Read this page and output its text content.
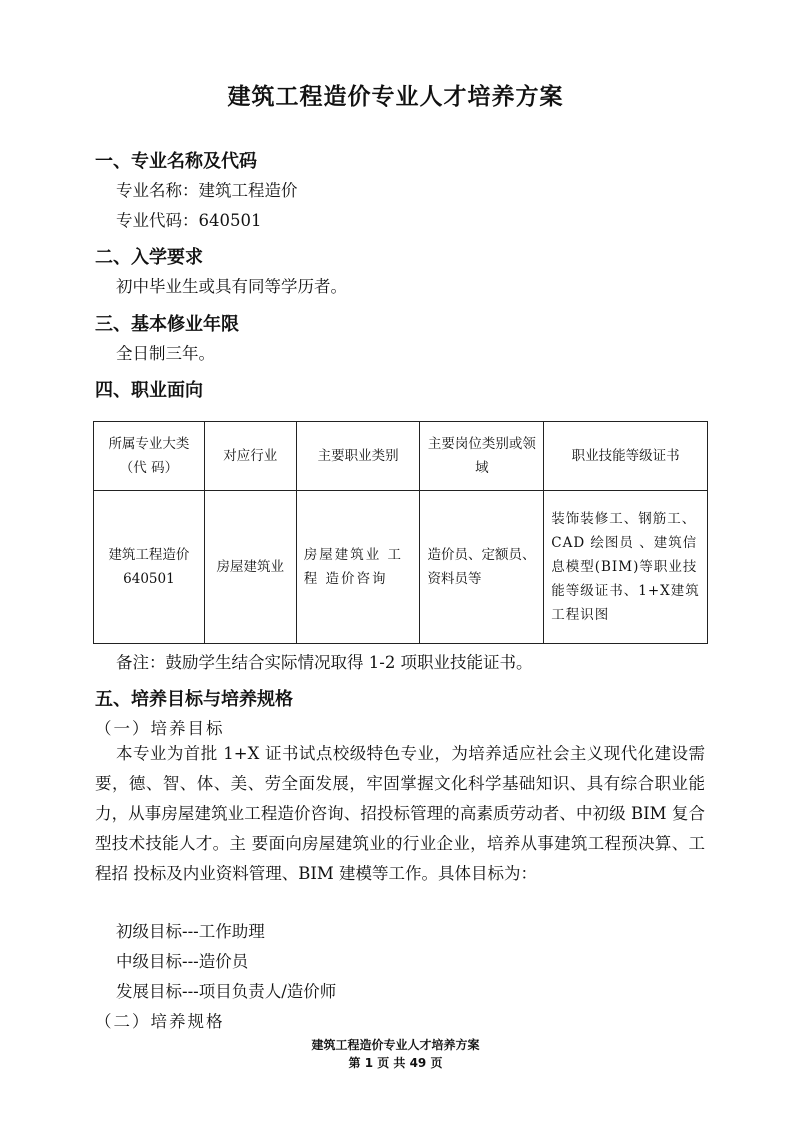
建筑工程造价专业人才培养方案
一、专业名称及代码
专业名称：建筑工程造价
专业代码：640501
二、入学要求
初中毕业生或具有同等学历者。
三、基本修业年限
全日制三年。
四、职业面向
所属专业大类（代 码）	对应行业	主要职业类别	主要岗位类别或领域	职业技能等级证书
建筑工程造价 640501	房屋建筑业	房屋建筑业 工程 造价咨询	造价员、定额员、资料员等	装饰装修工、钢筋工、CAD 绘图员 、建筑信息模型(BIM)等职业技能等级证书、1+X建筑工程识图
备注：鼓励学生结合实际情况取得 1-2 项职业技能证书。
五、培养目标与培养规格
（一）培养目标
本专业为首批 1+X 证书试点校级特色专业，为培养适应社会主义现代化建设需要，德、智、体、美、劳全面发展，牢固掌握文化科学基础知识、具有综合职业能力，从事房屋建筑业工程造价咨询、招投标管理的高素质劳动者、中初级 BIM 复合型技术技能人才。主 要面向房屋建筑业的行业企业，培养从事建筑工程预决算、工程招 投标及内业资料管理、BIM 建模等工作。具体目标为：
初级目标---工作助理
中级目标---造价员
发展目标---项目负责人/造价师
（二）培养规格
建筑工程造价专业人才培养方案
第 1 页 共 49 页
